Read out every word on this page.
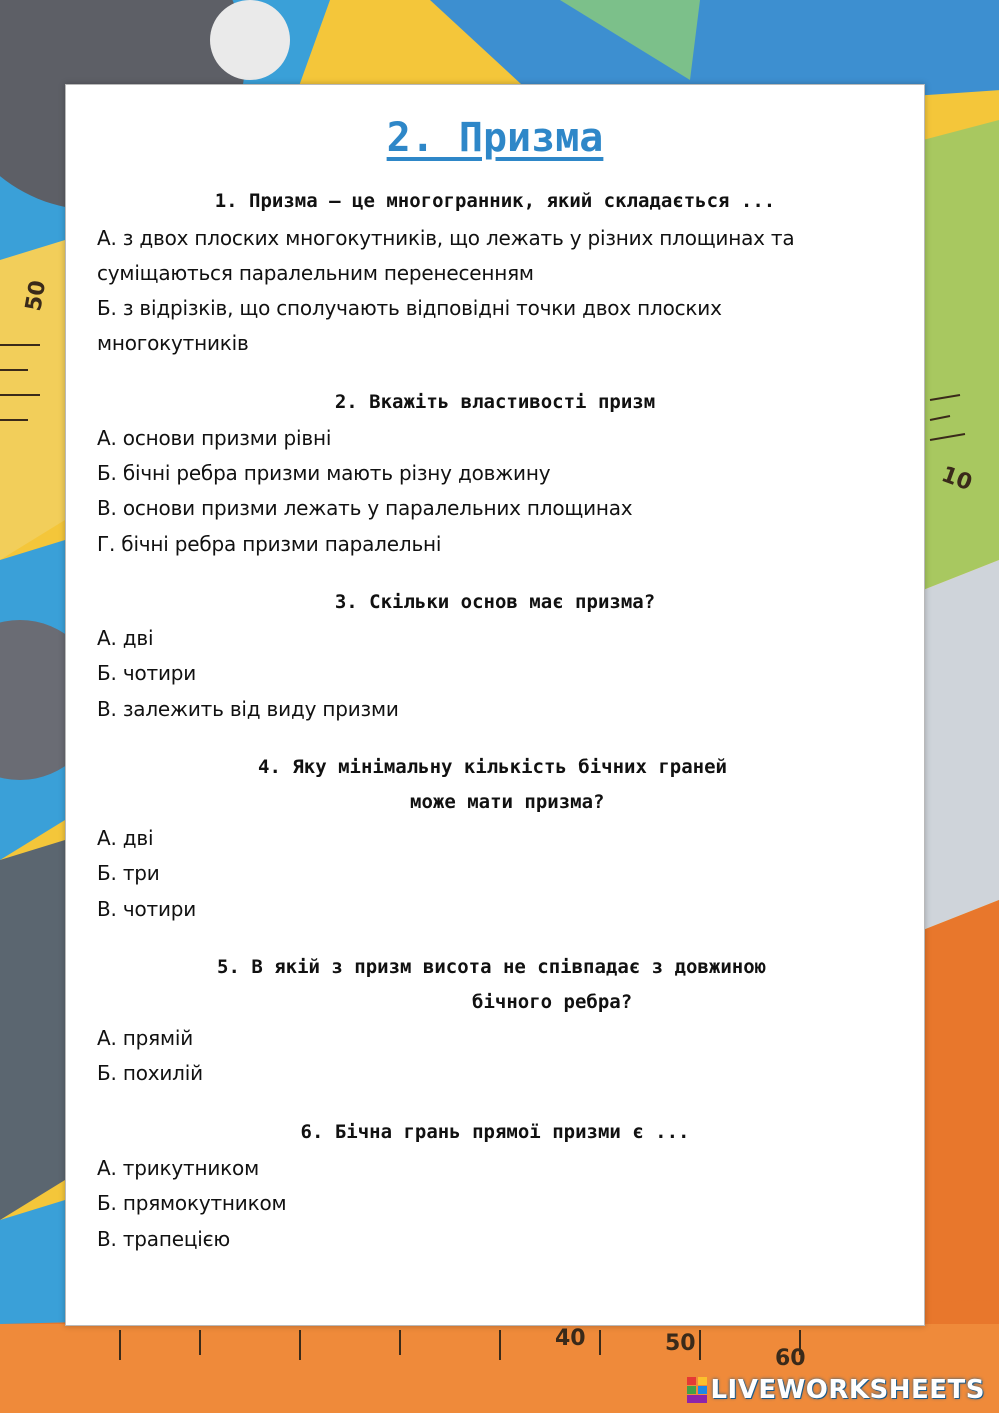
50
10
40	50
60
2. Призма
1. Призма – це многогранник, який складається ...
А. з двох плоских многокутників, що лежать у різних площинах та
суміщаються паралельним перенесенням
Б. з відрізків, що сполучають відповідні точки двох плоских
многокутників
2. Вкажіть властивості призм
А. основи призми рівні
Б. бічні ребра призми мають різну довжину
В. основи призми лежать у паралельних площинах
Г. бічні ребра призми паралельні
3. Скільки основ має призма?
А. дві
Б. чотири
В. залежить від виду призми
4. Яку мінімальну кількість бічних граней
може мати призма?
А. дві
Б. три
В. чотири
5. В якій з призм висота не співпадає з довжиною
бічного ребра?
А. прямій
Б. похилій
6. Бічна грань прямої призми є ...
А. трикутником
Б. прямокутником
В. трапецією
LIVEWORKSHEETS
